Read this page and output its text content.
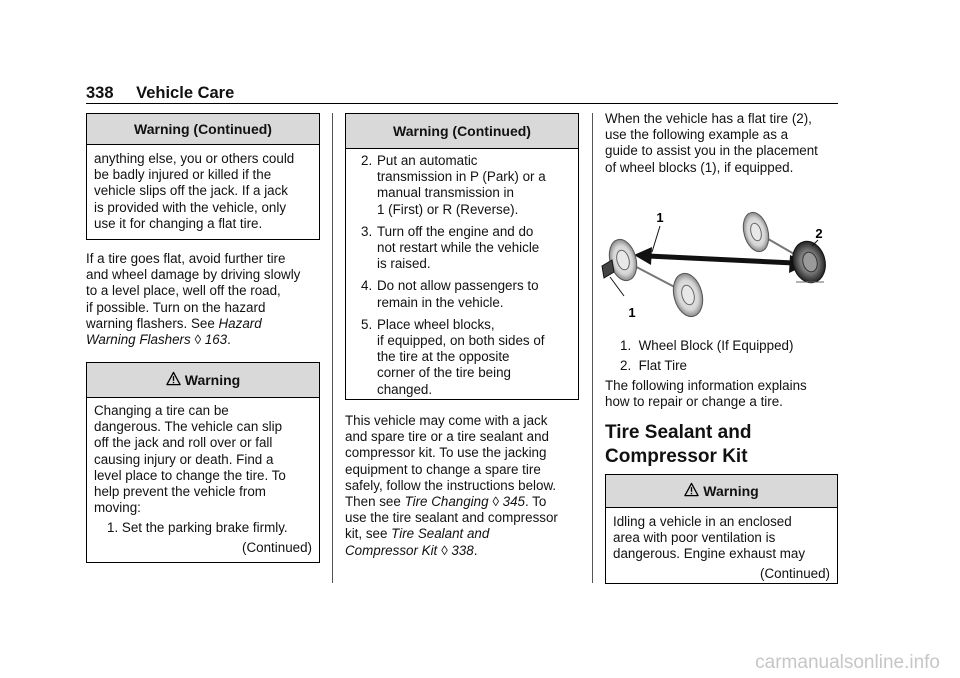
338 Vehicle Care
Warning (Continued)
anything else, you or others could
be badly injured or killed if the
vehicle slips off the jack. If a jack
is provided with the vehicle, only
use it for changing a flat tire.
If a tire goes flat, avoid further tire
and wheel damage by driving slowly
to a level place, well off the road,
if possible. Turn on the hazard
warning flashers. See Hazard
Warning Flashers ◊ 163.
Warning
Changing a tire can be
dangerous. The vehicle can slip
off the jack and roll over or fall
causing injury or death. Find a
level place to change the tire. To
help prevent the vehicle from
moving:
1. Set the parking brake firmly.
(Continued)
Warning (Continued)
2. Put an automatic
transmission in P (Park) or a
manual transmission in
1 (First) or R (Reverse).
3. Turn off the engine and do
not restart while the vehicle
is raised.
4. Do not allow passengers to
remain in the vehicle.
5. Place wheel blocks,
if equipped, on both sides of
the tire at the opposite
corner of the tire being
changed.
This vehicle may come with a jack
and spare tire or a tire sealant and
compressor kit. To use the jacking
equipment to change a spare tire
safely, follow the instructions below.
Then see Tire Changing ◊ 345. To
use the tire sealant and compressor
kit, see Tire Sealant and
Compressor Kit ◊ 338.
When the vehicle has a flat tire (2),
use the following example as a
guide to assist you in the placement
of wheel blocks (1), if equipped.
1
1
2
1. Wheel Block (If Equipped)
2. Flat Tire
The following information explains
how to repair or change a tire.
Tire Sealant and
Compressor Kit
Warning
Idling a vehicle in an enclosed
area with poor ventilation is
dangerous. Engine exhaust may
(Continued)
carmanualsonline.info
